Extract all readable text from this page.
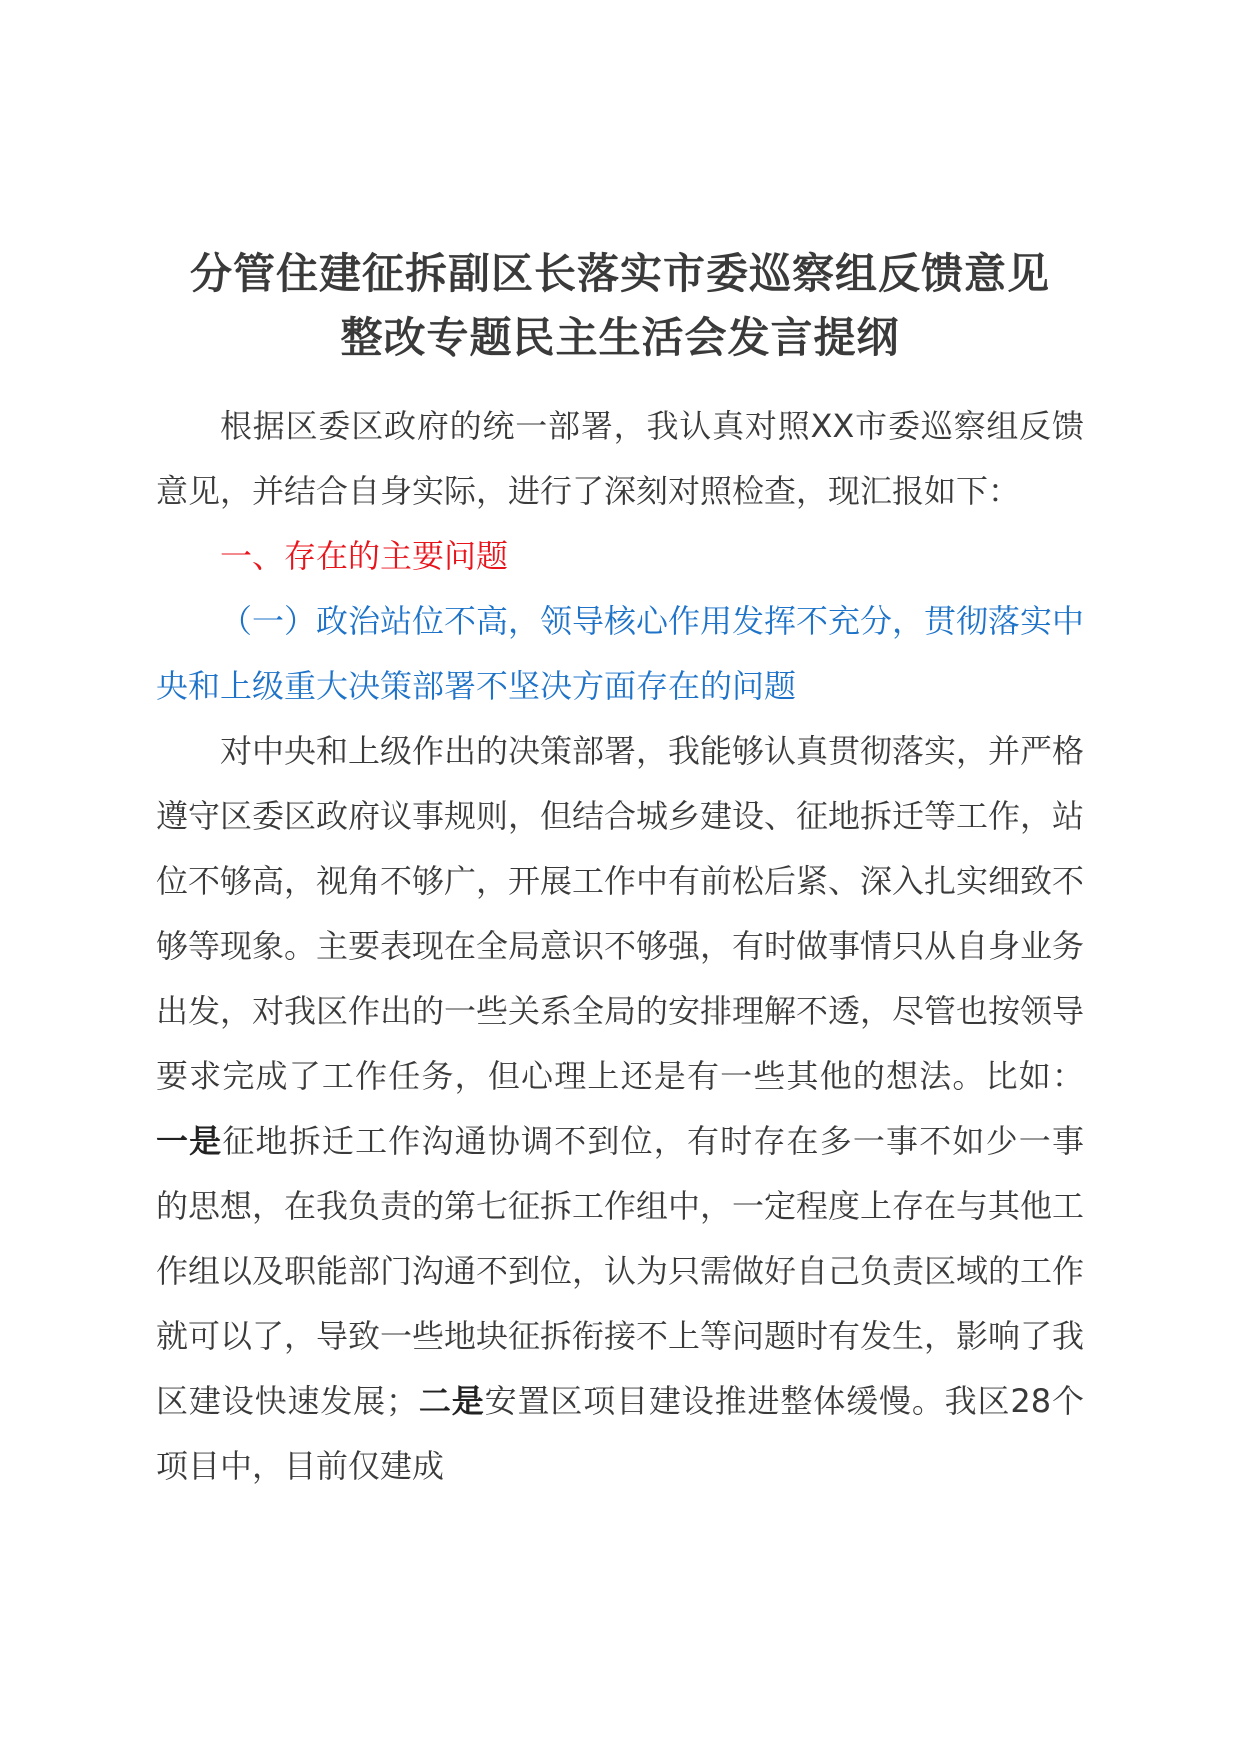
分管住建征拆副区长落实市委巡察组反馈意见
整改专题民主生活会发言提纲

根据区委区政府的统一部署，我认真对照XX市委巡察组反馈意见，并结合自身实际，进行了深刻对照检查，现汇报如下：

一、存在的主要问题

（一）政治站位不高，领导核心作用发挥不充分，贯彻落实中央和上级重大决策部署不坚决方面存在的问题

对中央和上级作出的决策部署，我能够认真贯彻落实，并严格遵守区委区政府议事规则，但结合城乡建设、征地拆迁等工作，站位不够高，视角不够广，开展工作中有前松后紧、深入扎实细致不够等现象。主要表现在全局意识不够强，有时做事情只从自身业务出发，对我区作出的一些关系全局的安排理解不透，尽管也按领导要求完成了工作任务，但心理上还是有一些其他的想法。比如：一是征地拆迁工作沟通协调不到位，有时存在多一事不如少一事的思想，在我负责的第七征拆工作组中，一定程度上存在与其他工作组以及职能部门沟通不到位，认为只需做好自己负责区域的工作就可以了，导致一些地块征拆衔接不上等问题时有发生，影响了我区建设快速发展；二是安置区项目建设推进整体缓慢。我区28个项目中，目前仅建成
